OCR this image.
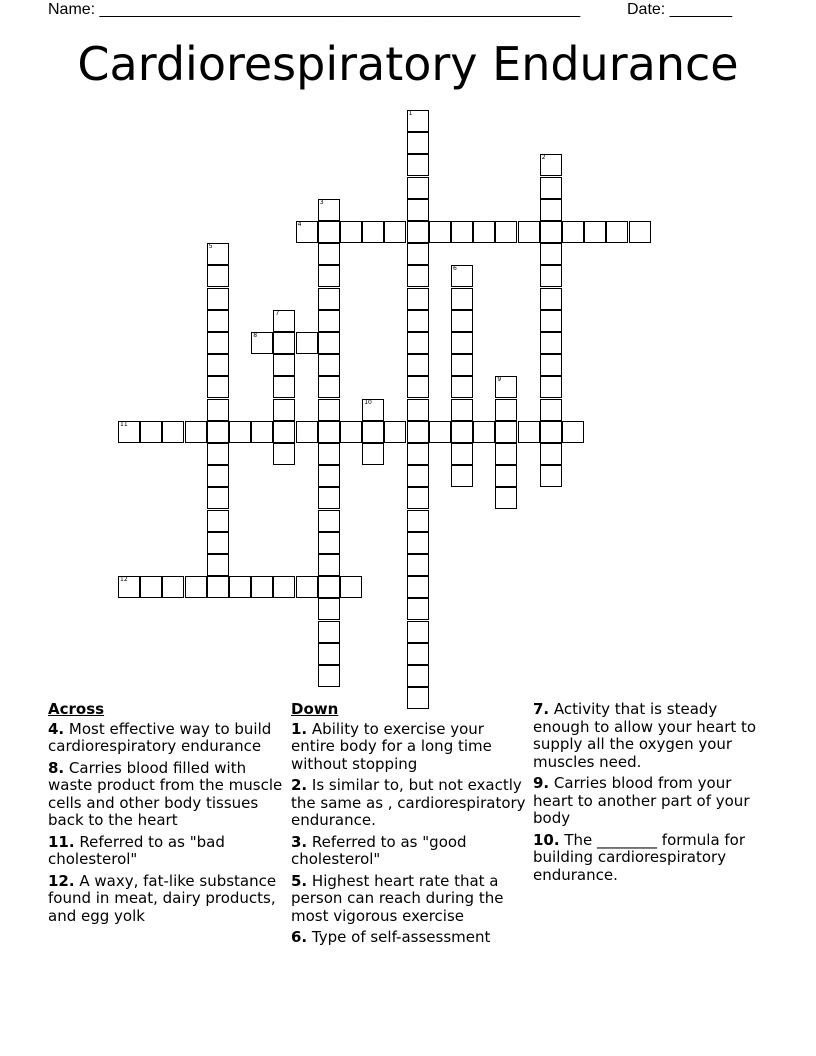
Name: ______________________________________________________	Date: _______
Cardiorespiratory Endurance
1
2
3
4
5
6
7
8
9
10
11
12
Across
4. Most effective way to build cardiorespiratory endurance
8. Carries blood filled with waste product from the muscle cells and other body tissues back to the heart
11. Referred to as "bad cholesterol"
12. A waxy, fat-like substance found in meat, dairy products, and egg yolk
Down
1. Ability to exercise your entire body for a long time without stopping
2. Is similar to, but not exactly the same as , cardiorespiratory endurance.
3. Referred to as "good cholesterol"
5. Highest heart rate that a person can reach during the most vigorous exercise
6. Type of self-assessment
7. Activity that is steady enough to allow your heart to supply all the oxygen your muscles need.
9. Carries blood from your heart to another part of your body
10. The ________ formula for building cardiorespiratory endurance.
